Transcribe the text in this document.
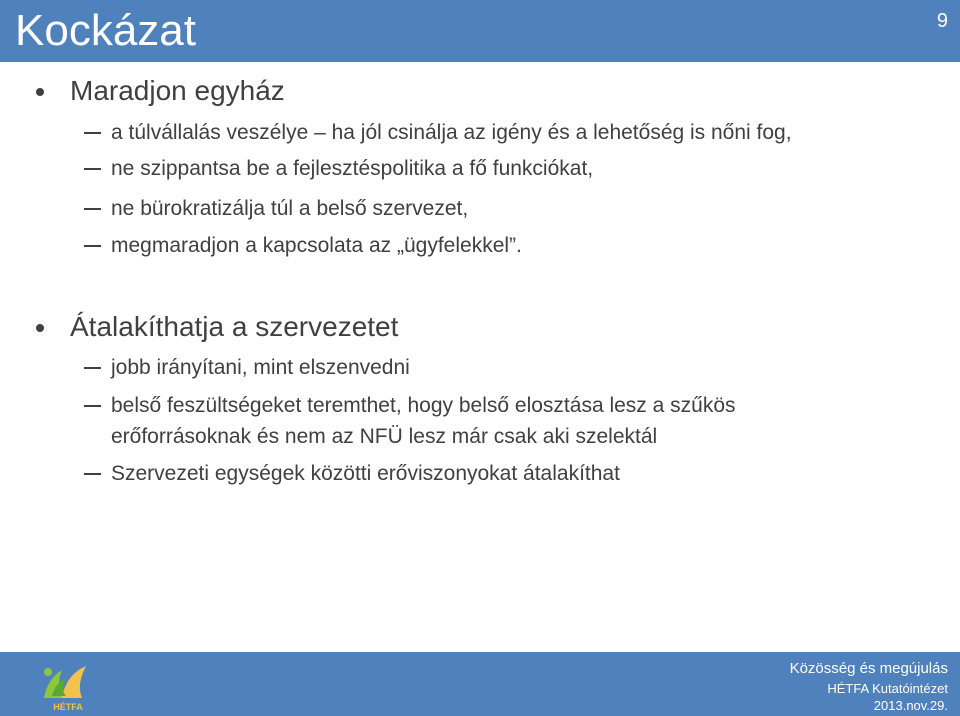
Kockázat	9
Maradjon egyház
a túlvállalás veszélye – ha jól csinálja az igény és a lehetőség is nőni fog,
ne szippantsa be a fejlesztéspolitika a fő funkciókat,
ne bürokratizálja túl a belső szervezet,
megmaradjon a kapcsolata az „ügyfelekkel”.
Átalakíthatja a szervezetet
jobb irányítani, mint elszenvedni
belső feszültségeket teremthet, hogy belső elosztása lesz a szűkös
erőforrásoknak és nem az NFÜ lesz már csak aki szelektál
Szervezeti egységek közötti erőviszonyokat átalakíthat
HÉTFA
Közösség és megújulás
HÉTFA Kutatóintézet
2013.nov.29.
